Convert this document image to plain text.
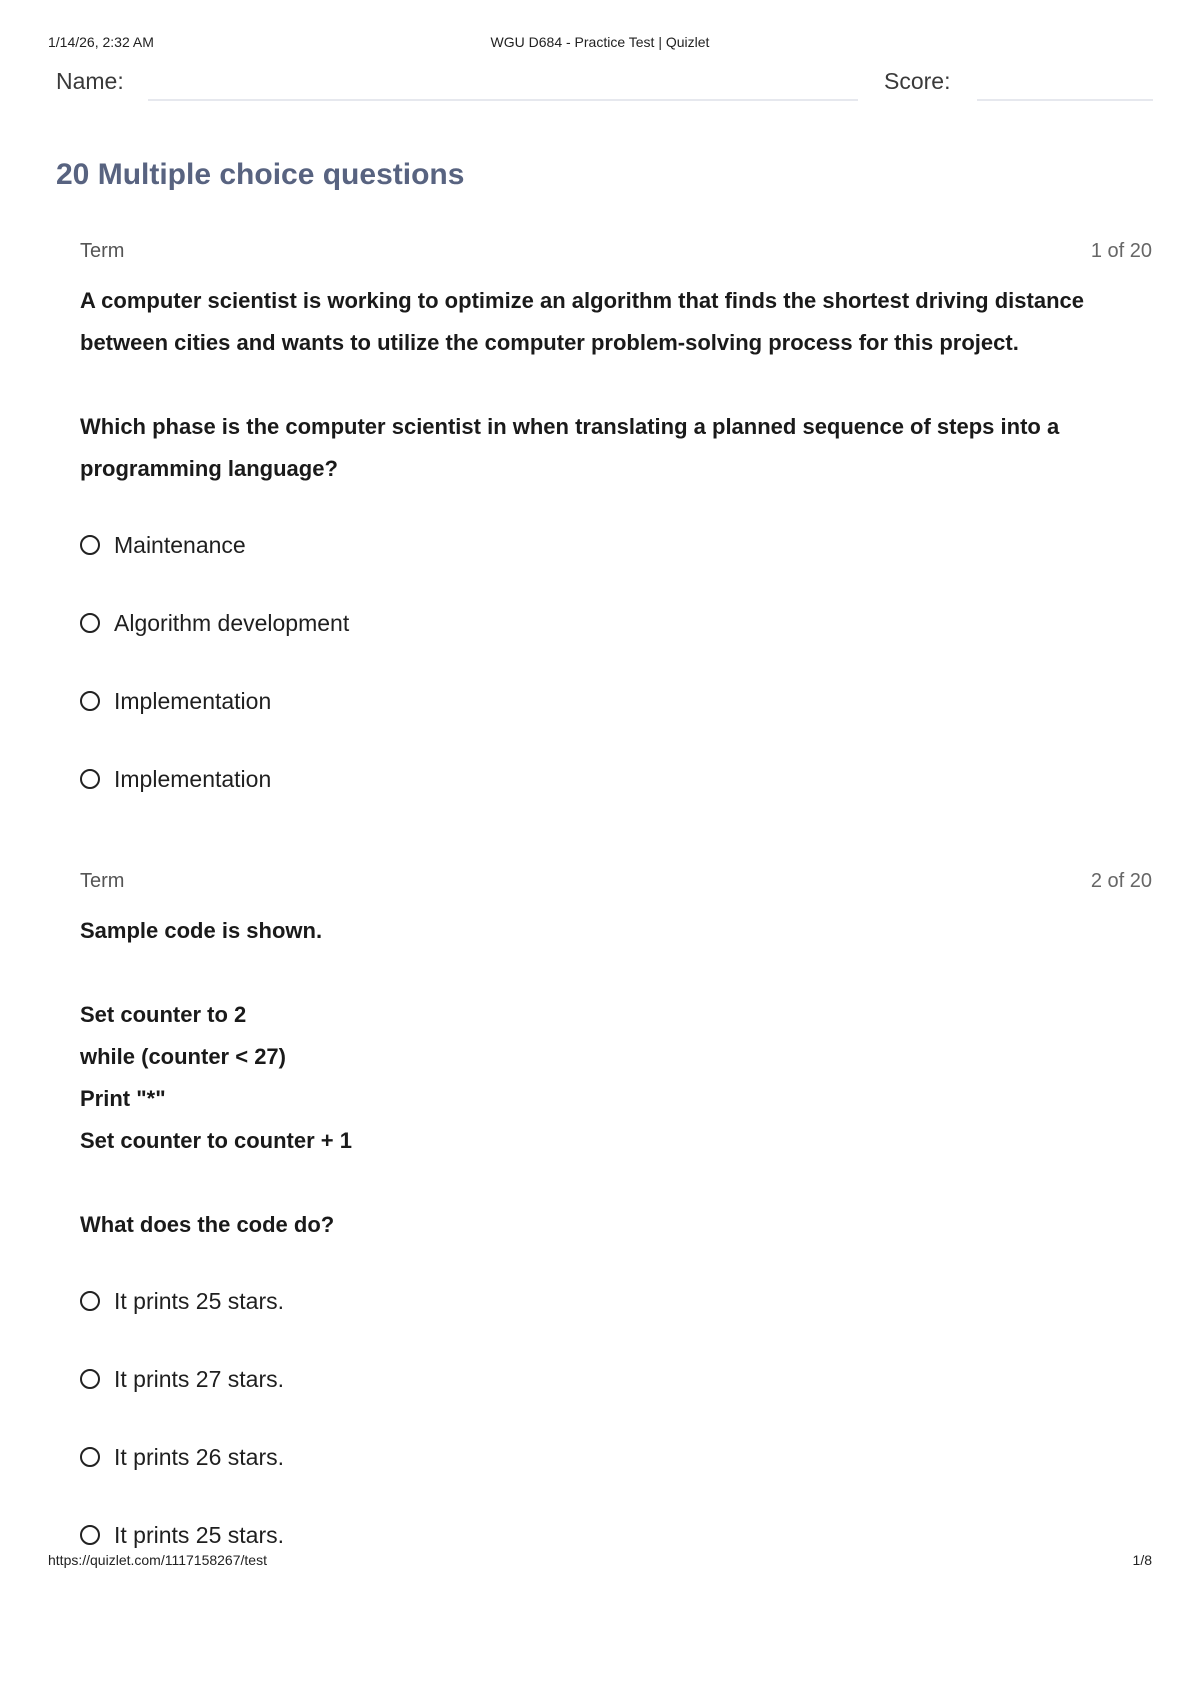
1/14/26, 2:32 AM	WGU D684 - Practice Test | Quizlet
Name:	Score:
20 Multiple choice questions
Term	1 of 20

A computer scientist is working to optimize an algorithm that finds the shortest driving distance between cities and wants to utilize the computer problem-solving process for this project.

Which phase is the computer scientist in when translating a planned sequence of steps into a programming language?

Maintenance
Algorithm development
Implementation
Implementation
Term	2 of 20

Sample code is shown.

Set counter to 2

while (counter < 27)

Print "*"

Set counter to counter + 1

What does the code do?

It prints 25 stars.
It prints 27 stars.
It prints 26 stars.
It prints 25 stars.
https://quizlet.com/1117158267/test	1/8
